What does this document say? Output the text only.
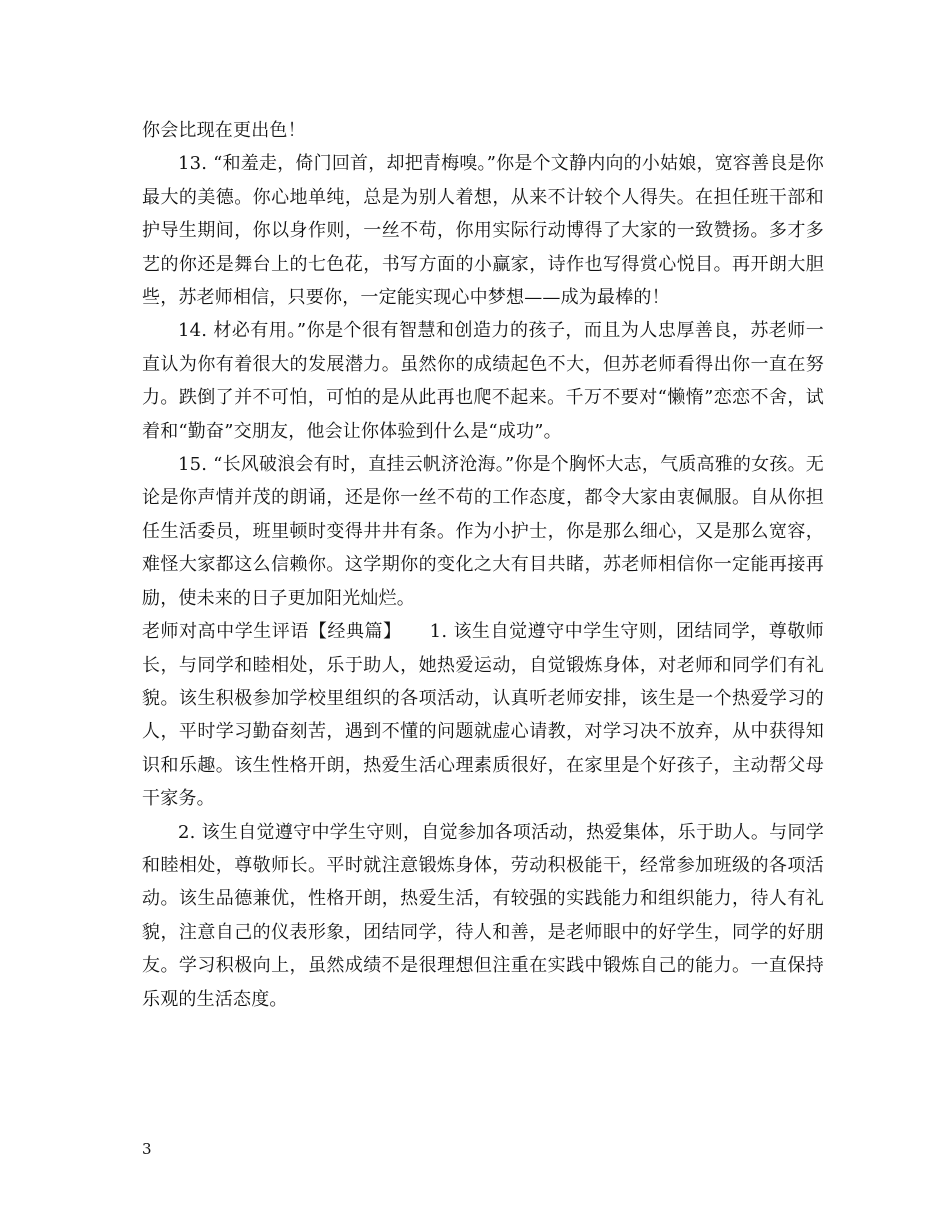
你会比现在更出色！

13. “和羞走，倚门回首，却把青梅嗅。”你是个文静内向的小姑娘，宽容善良是你最大的美德。你心地单纯，总是为别人着想，从来不计较个人得失。在担任班干部和护导生期间，你以身作则，一丝不苟，你用实际行动博得了大家的一致赞扬。多才多艺的你还是舞台上的七色花，书写方面的小赢家，诗作也写得赏心悦目。再开朗大胆些，苏老师相信，只要你，一定能实现心中梦想——成为最棒的！

14. 材必有用。”你是个很有智慧和创造力的孩子，而且为人忠厚善良，苏老师一直认为你有着很大的发展潜力。虽然你的成绩起色不大，但苏老师看得出你一直在努力。跌倒了并不可怕，可怕的是从此再也爬不起来。千万不要对“懒惰”恋恋不舍，试着和“勤奋”交朋友，他会让你体验到什么是“成功”。

15. “长风破浪会有时，直挂云帆济沧海。”你是个胸怀大志，气质高雅的女孩。无论是你声情并茂的朗诵，还是你一丝不苟的工作态度，都令大家由衷佩服。自从你担任生活委员，班里顿时变得井井有条。作为小护士，你是那么细心，又是那么宽容，难怪大家都这么信赖你。这学期你的变化之大有目共睹，苏老师相信你一定能再接再励，使未来的日子更加阳光灿烂。

老师对高中学生评语【经典篇】　　1. 该生自觉遵守中学生守则，团结同学，尊敬师长，与同学和睦相处，乐于助人，她热爱运动，自觉锻炼身体，对老师和同学们有礼貌。该生积极参加学校里组织的各项活动，认真听老师安排，该生是一个热爱学习的人，平时学习勤奋刻苦，遇到不懂的问题就虚心请教，对学习决不放弃，从中获得知识和乐趣。该生性格开朗，热爱生活心理素质很好，在家里是个好孩子，主动帮父母干家务。

2. 该生自觉遵守中学生守则，自觉参加各项活动，热爱集体，乐于助人。与同学和睦相处，尊敬师长。平时就注意锻炼身体，劳动积极能干，经常参加班级的各项活动。该生品德兼优，性格开朗，热爱生活，有较强的实践能力和组织能力，待人有礼貌，注意自己的仪表形象，团结同学，待人和善，是老师眼中的好学生，同学的好朋友。学习积极向上，虽然成绩不是很理想但注重在实践中锻炼自己的能力。一直保持乐观的生活态度。

3
